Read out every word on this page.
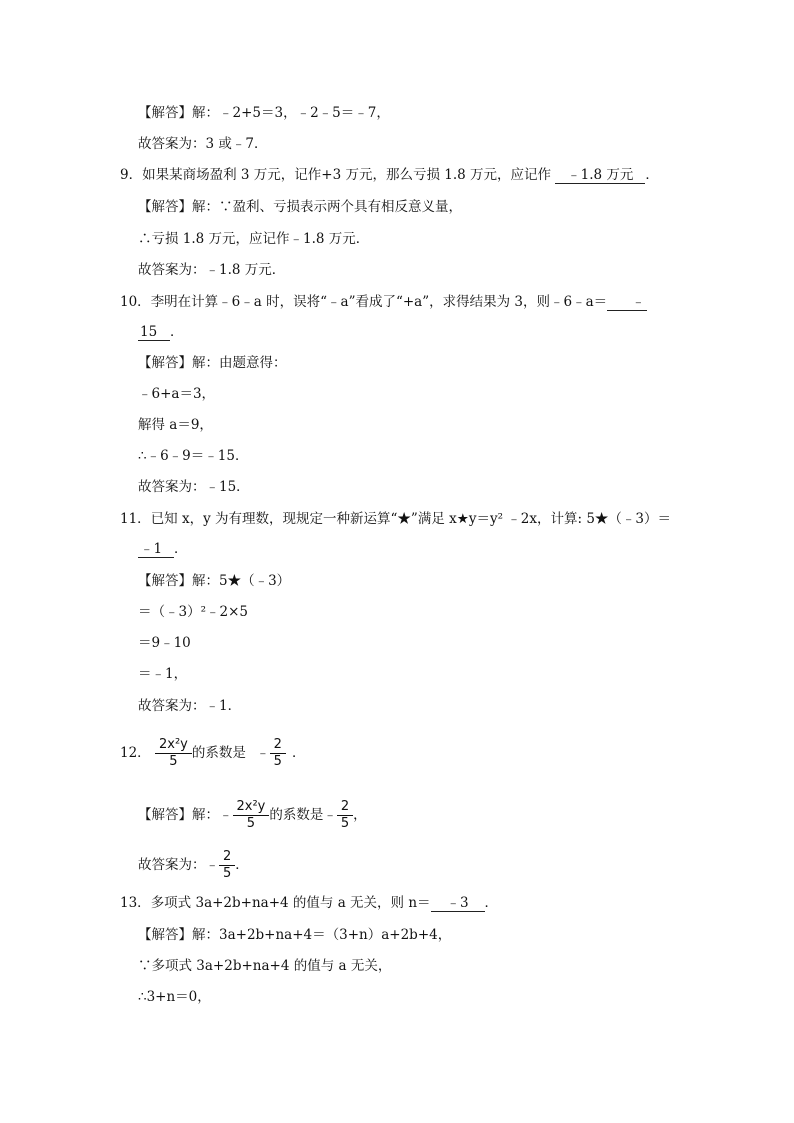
【解答】解：﹣2+5＝3，﹣2﹣5＝﹣7，
故答案为：3 或﹣7．
9．如果某商场盈利 3 万元，记作+3 万元，那么亏损 1.8 万元，应记作 ﹣1.8 万元 ．
【解答】解：∵盈利、亏损表示两个具有相反意义量，
∴亏损 1.8 万元，应记作﹣1.8 万元．
故答案为：﹣1.8 万元．
10．李明在计算﹣6﹣a 时，误将“﹣a”看成了“+a”，求得结果为 3，则﹣6﹣a＝ ﹣
15 ．
【解答】解：由题意得：
﹣6+a＝3，
解得 a＝9，
∴﹣6﹣9＝﹣15．
故答案为：﹣15．
11．已知 x，y 为有理数，现规定一种新运算“★”满足 x★y＝y² ﹣2x，计算: 5★（﹣3）＝
﹣1 ．
【解答】解：5★（﹣3）
＝（﹣3）²﹣2×5
＝9﹣10
＝﹣1，
故答案为：﹣1．
12． $\frac{\text{2x²y}}{5}$ 的系数是 ﹣ $\frac{2}{5}$ ．
【解答】解：﹣ $\frac{\text{2x²y}}{5}$ 的系数是﹣ $\frac{2}{5}$ ，
故答案为：﹣ $\frac{2}{5}$ ．
13．多项式 3a+2b+na+4 的值与 a 无关，则 n＝ ﹣3 ．
【解答】解：3a+2b+na+4＝（3+n）a+2b+4，
∵多项式 3a+2b+na+4 的值与 a 无关，
∴3+n＝0，
